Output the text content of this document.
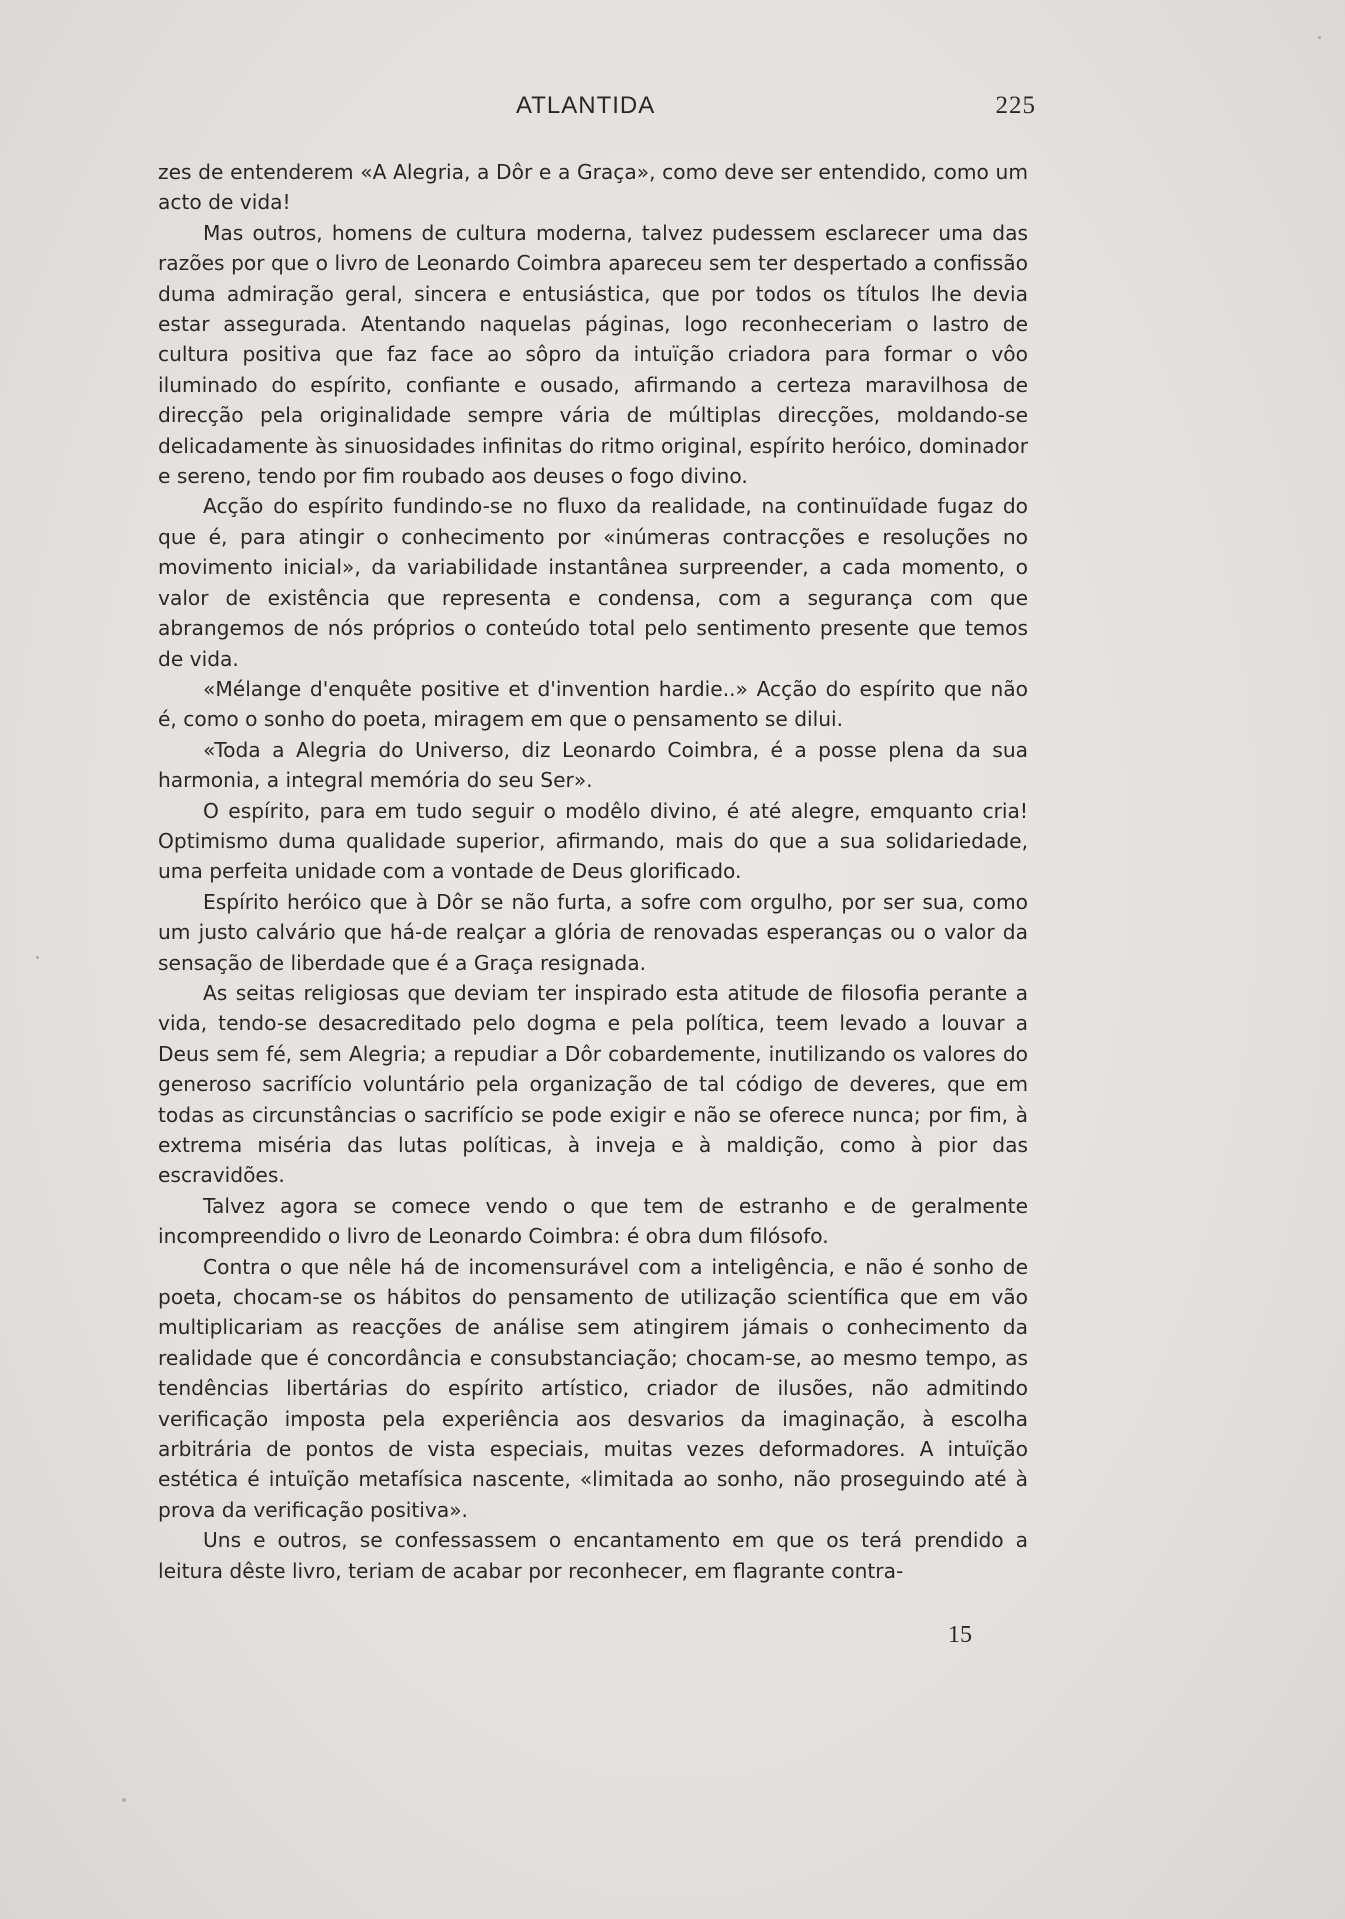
ATLANTIDA	225

zes de entenderem «A Alegria, a Dôr e a Graça», como deve ser entendido, como um acto de vida!

Mas outros, homens de cultura moderna, talvez pudessem esclarecer uma das razões por que o livro de Leonardo Coimbra apareceu sem ter despertado a confissão duma admiração geral, sincera e entusiástica, que por todos os títulos lhe devia estar assegurada. Atentando naquelas páginas, logo reconheceriam o lastro de cultura positiva que faz face ao sôpro da intuïção criadora para formar o vôo iluminado do espírito, confiante e ousado, afirmando a certeza maravilhosa de direcção pela originalidade sempre vária de múltiplas direcções, moldando-se delicadamente às sinuosidades infinitas do ritmo original, espírito heróico, dominador e sereno, tendo por fim roubado aos deuses o fogo divino.

Acção do espírito fundindo-se no fluxo da realidade, na continuïdade fugaz do que é, para atingir o conhecimento por «inúmeras contracções e resoluções no movimento inicial», da variabilidade instantânea surpreender, a cada momento, o valor de existência que representa e condensa, com a segurança com que abrangemos de nós próprios o conteúdo total pelo sentimento presente que temos de vida.

«Mélange d'enquête positive et d'invention hardie..» Acção do espírito que não é, como o sonho do poeta, miragem em que o pensamento se dilui.

«Toda a Alegria do Universo, diz Leonardo Coimbra, é a posse plena da sua harmonia, a integral memória do seu Ser».

O espírito, para em tudo seguir o modêlo divino, é até alegre, emquanto cria! Optimismo duma qualidade superior, afirmando, mais do que a sua solidariedade, uma perfeita unidade com a vontade de Deus glorificado.

Espírito heróico que à Dôr se não furta, a sofre com orgulho, por ser sua, como um justo calvário que há-de realçar a glória de renovadas esperanças ou o valor da sensação de liberdade que é a Graça resignada.

As seitas religiosas que deviam ter inspirado esta atitude de filosofia perante a vida, tendo-se desacreditado pelo dogma e pela política, teem levado a louvar a Deus sem fé, sem Alegria; a repudiar a Dôr cobardemente, inutilizando os valores do generoso sacrifício voluntário pela organização de tal código de deveres, que em todas as circunstâncias o sacrifício se pode exigir e não se oferece nunca; por fim, à extrema miséria das lutas políticas, à inveja e à maldição, como à pior das escravidões.

Talvez agora se comece vendo o que tem de estranho e de geralmente incompreendido o livro de Leonardo Coimbra: é obra dum filósofo.

Contra o que nêle há de incomensurável com a inteligência, e não é sonho de poeta, chocam-se os hábitos do pensamento de utilização scientífica que em vão multiplicariam as reacções de análise sem atingirem jámais o conhecimento da realidade que é concordância e consubstanciação; chocam-se, ao mesmo tempo, as tendências libertárias do espírito artístico, criador de ilusões, não admitindo verificação imposta pela experiência aos desvarios da imaginação, à escolha arbitrária de pontos de vista especiais, muitas vezes deformadores. A intuïção estética é intuïção metafísica nascente, «limitada ao sonho, não proseguindo até à prova da verificação positiva».

Uns e outros, se confessassem o encantamento em que os terá prendido a leitura dêste livro, teriam de acabar por reconhecer, em flagrante contra-

15
